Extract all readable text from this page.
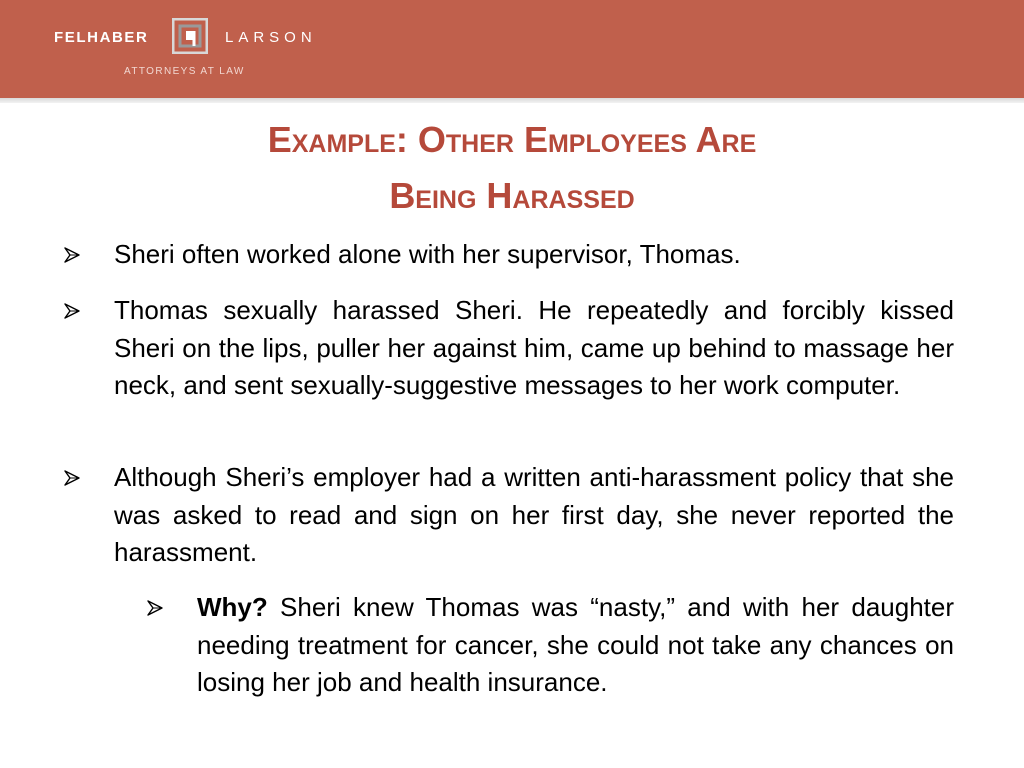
FELHABER	LARSON
ATTORNEYS AT LAW
Example: Other Employees Are
Being Harassed
Sheri often worked alone with her supervisor, Thomas.
Thomas sexually harassed Sheri. He repeatedly and forcibly kissed Sheri on the lips, puller her against him, came up behind to massage her neck, and sent sexually-suggestive messages to her work computer.
Although Sheri’s employer had a written anti-harassment policy that she was asked to read and sign on her first day, she never reported the harassment.
Why? Sheri knew Thomas was “nasty,” and with her daughter needing treatment for cancer, she could not take any chances on losing her job and health insurance.
